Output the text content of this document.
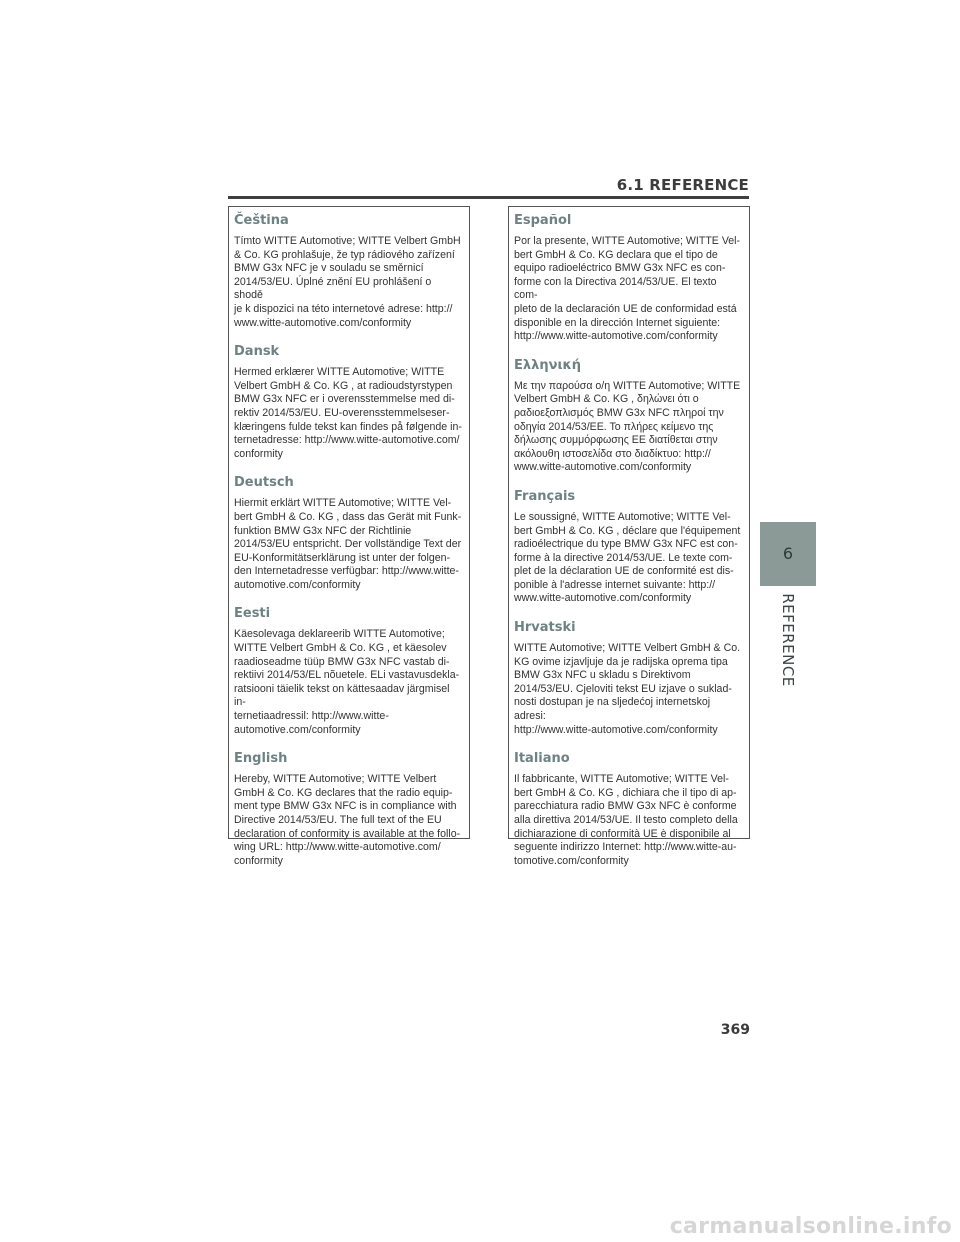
6.1 REFERENCE

Čeština

Tímto WITTE Automotive; WITTE Velbert GmbH
& Co. KG prohlašuje, že typ rádiového zařízení
BMW G3x NFC je v souladu se směrnicí
2014/53/EU. Úplné znění EU prohlášení o shodě
je k dispozici na této internetové adrese: http://
www.witte-automotive.com/conformity

Dansk

Hermed erklærer WITTE Automotive; WITTE
Velbert GmbH & Co. KG , at radioudstyrstypen
BMW G3x NFC er i overensstemmelse med di-
rektiv 2014/53/EU. EU-overensstemmelseser-
klæringens fulde tekst kan findes på følgende in-
ternetadresse: http://www.witte-automotive.com/
conformity

Deutsch

Hiermit erklärt WITTE Automotive; WITTE Vel-
bert GmbH & Co. KG , dass das Gerät mit Funk-
funktion BMW G3x NFC der Richtlinie
2014/53/EU entspricht. Der vollständige Text der
EU-Konformitätserklärung ist unter der folgen-
den Internetadresse verfügbar: http://www.witte-
automotive.com/conformity

Eesti

Käesolevaga deklareerib WITTE Automotive;
WITTE Velbert GmbH & Co. KG , et käesolev
raadioseadme tüüp BMW G3x NFC vastab di-
rektiivi 2014/53/EL nõuetele. ELi vastavusdekla-
ratsiooni täielik tekst on kättesaadav järgmisel in-
ternetiaadressil: http://www.witte-
automotive.com/conformity

English

Hereby, WITTE Automotive; WITTE Velbert
GmbH & Co. KG declares that the radio equip-
ment type BMW G3x NFC is in compliance with
Directive 2014/53/EU. The full text of the EU
declaration of conformity is available at the follo-
wing URL: http://www.witte-automotive.com/
conformity

Español

Por la presente, WITTE Automotive; WITTE Vel-
bert GmbH & Co. KG declara que el tipo de
equipo radioeléctrico BMW G3x NFC es con-
forme con la Directiva 2014/53/UE. El texto com-
pleto de la declaración UE de conformidad está
disponible en la dirección Internet siguiente:
http://www.witte-automotive.com/conformity

Ελληνική

Με την παρούσα ο/η WITTE Automotive; WITTE
Velbert GmbH & Co. KG , δηλώνει ότι ο
ραδιοεξοπλισμός BMW G3x NFC πληροί την
οδηγία 2014/53/ΕΕ. Το πλήρες κείμενο της
δήλωσης συμμόρφωσης ΕΕ διατίθεται στην
ακόλουθη ιστοσελίδα στο διαδίκτυο: http://
www.witte-automotive.com/conformity

Français

Le soussigné, WITTE Automotive; WITTE Vel-
bert GmbH & Co. KG , déclare que l'équipement
radioélectrique du type BMW G3x NFC est con-
forme à la directive 2014/53/UE. Le texte com-
plet de la déclaration UE de conformité est dis-
ponible à l'adresse internet suivante: http://
www.witte-automotive.com/conformity

Hrvatski

WITTE Automotive; WITTE Velbert GmbH & Co.
KG ovime izjavljuje da je radijska oprema tipa
BMW G3x NFC u skladu s Direktivom
2014/53/EU. Cjeloviti tekst EU izjave o suklad-
nosti dostupan je na sljedećoj internetskoj adresi:
http://www.witte-automotive.com/conformity

Italiano

Il fabbricante, WITTE Automotive; WITTE Vel-
bert GmbH & Co. KG , dichiara che il tipo di ap-
parecchiatura radio BMW G3x NFC è conforme
alla direttiva 2014/53/UE. Il testo completo della
dichiarazione di conformità UE è disponibile al
seguente indirizzo Internet: http://www.witte-au-
tomotive.com/conformity

6
REFERENCE
369
carmanualsonline.info
